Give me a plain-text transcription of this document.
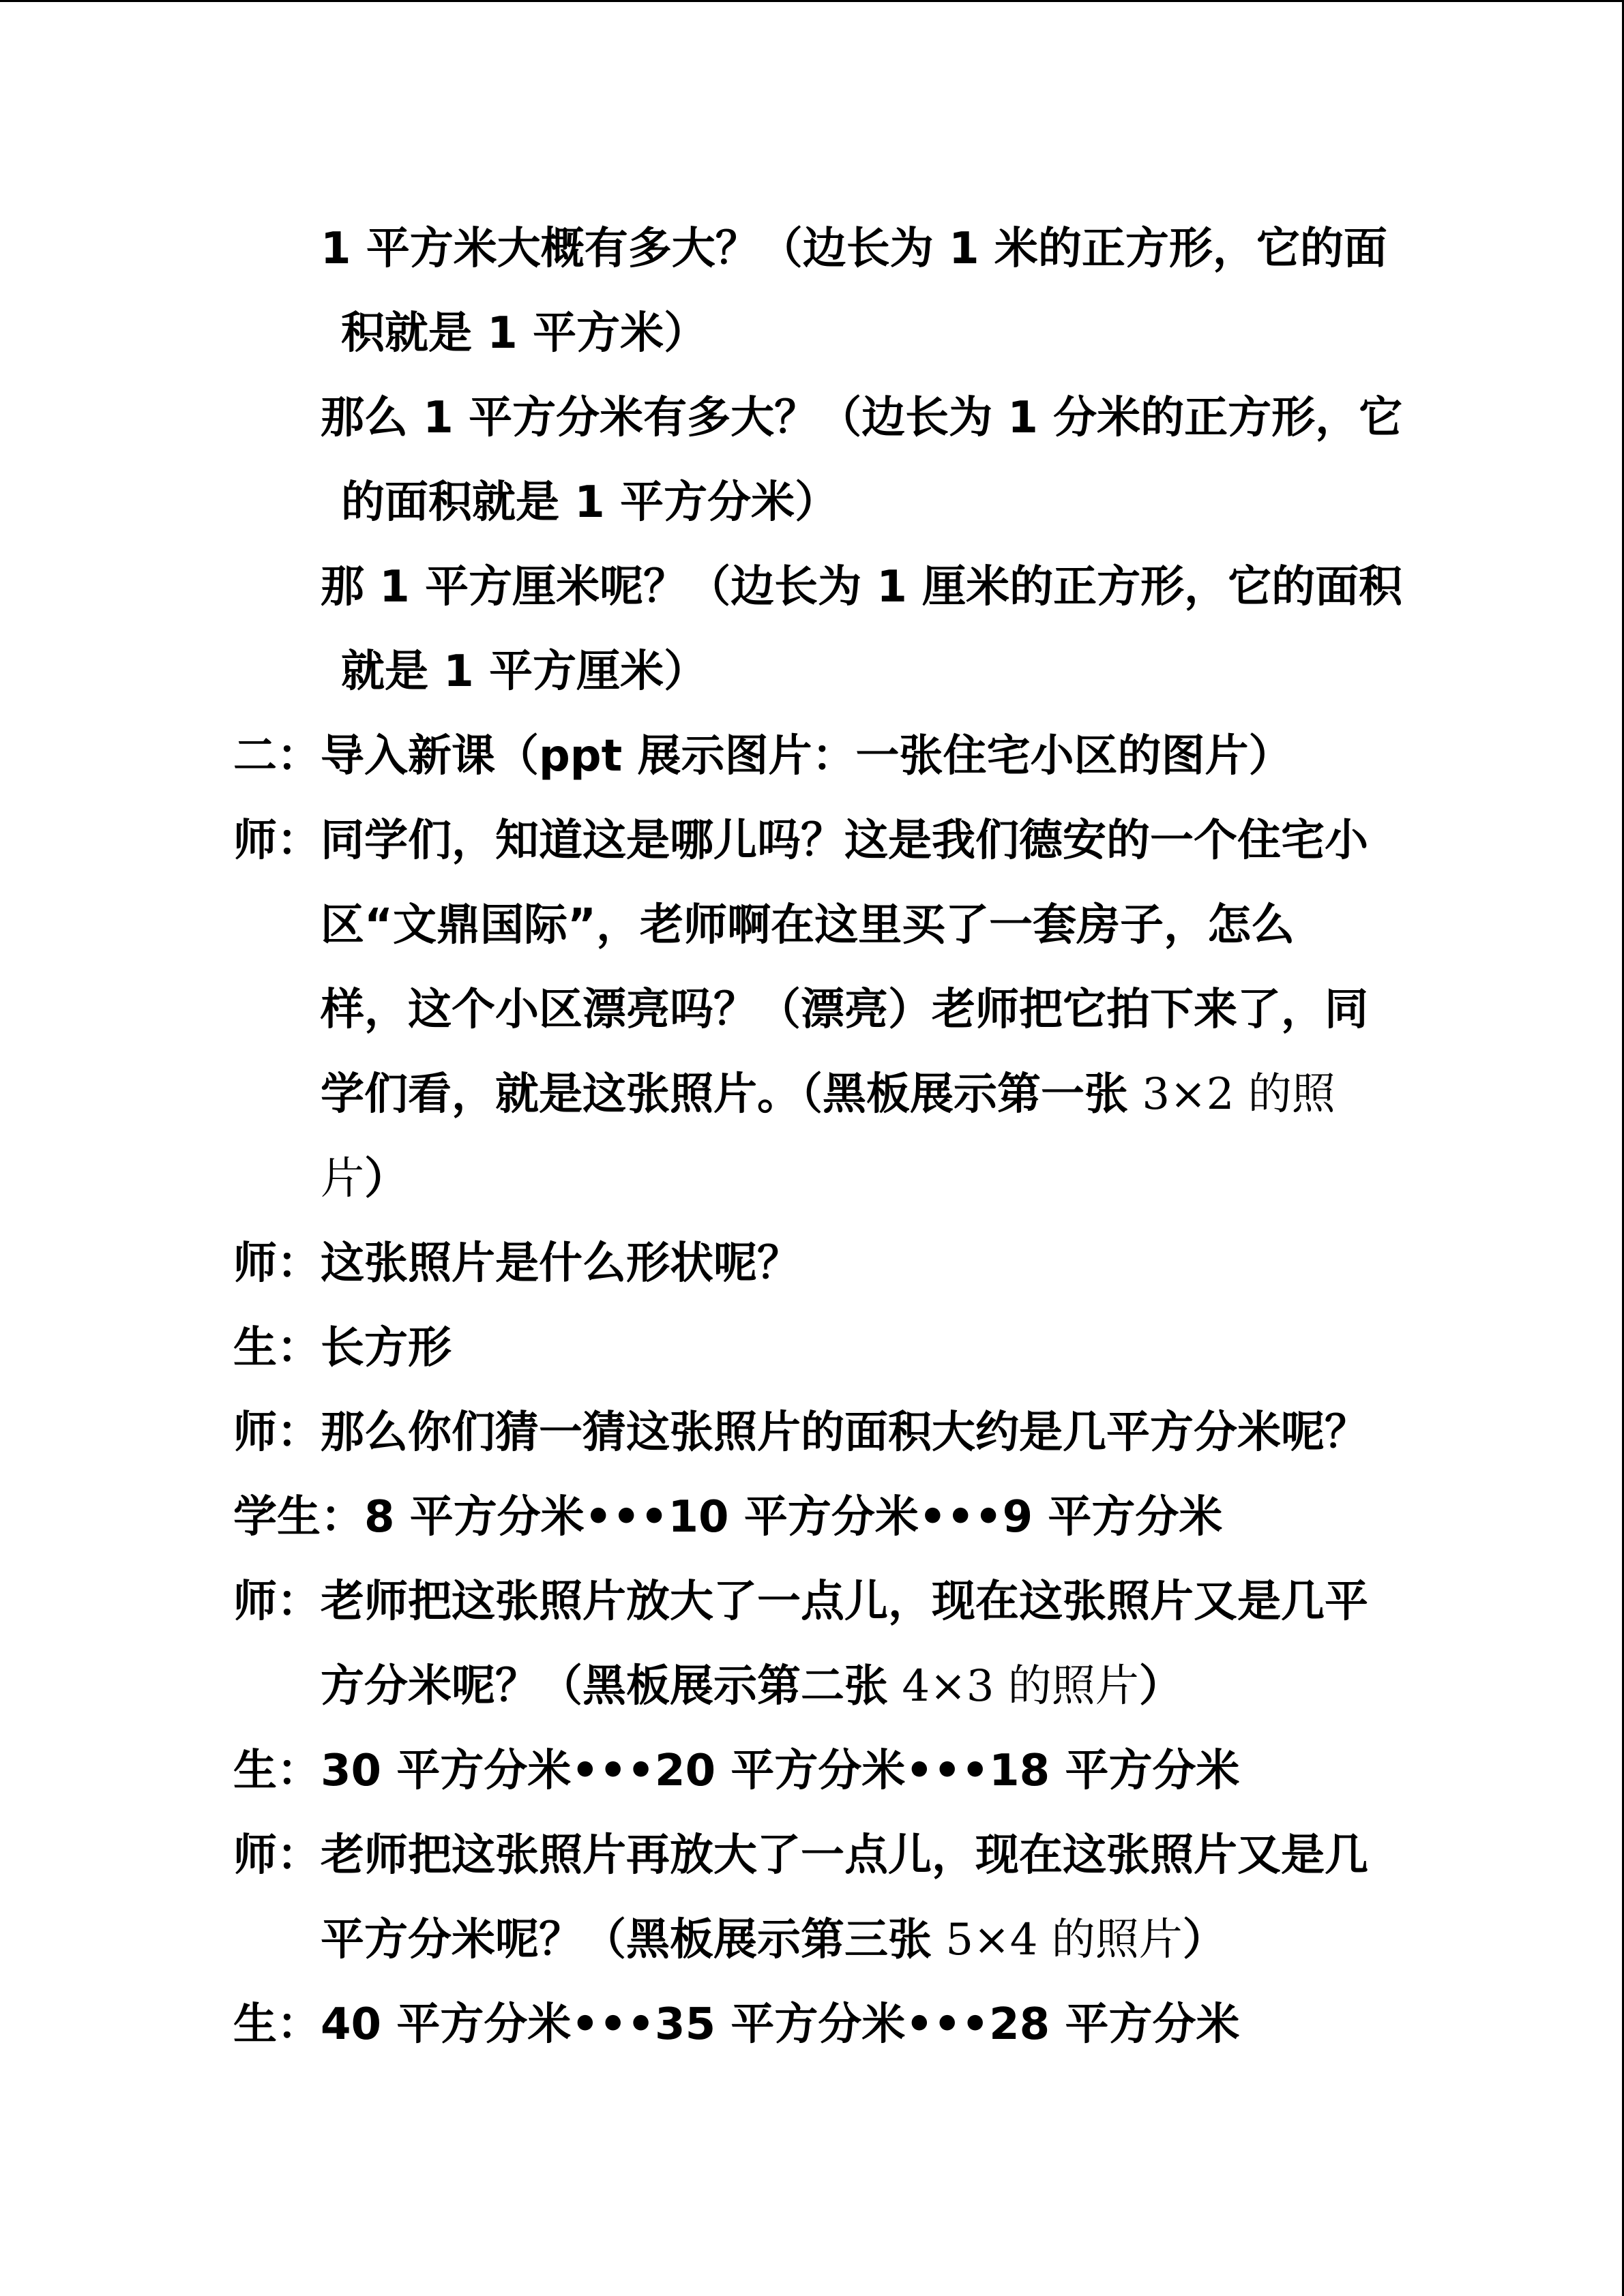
1 平方米大概有多大？（边长为 1 米的正方形，它的面
积就是 1 平方米）

那么 1 平方分米有多大？（边长为 1 分米的正方形，它
的面积就是 1 平方分米）

那 1 平方厘米呢？（边长为 1 厘米的正方形，它的面积
就是 1 平方厘米）

二：导入新课（ppt 展示图片：一张住宅小区的图片）

师：同学们，知道这是哪儿吗？这是我们德安的一个住宅小
区“文鼎国际”，老师啊在这里买了一套房子，怎么
样，这个小区漂亮吗？（漂亮）老师把它拍下来了，同
学们看，就是这张照片。（黑板展示第一张 3×2 的照
片）

师：这张照片是什么形状呢？

生：长方形

师：那么你们猜一猜这张照片的面积大约是几平方分米呢？

学生：8 平方分米•••10 平方分米•••9 平方分米

师：老师把这张照片放大了一点儿，现在这张照片又是几平
方分米呢？（黑板展示第二张 4×3 的照片）

生：30 平方分米•••20 平方分米•••18 平方分米

师：老师把这张照片再放大了一点儿，现在这张照片又是几
平方分米呢？（黑板展示第三张 5×4 的照片）

生：40 平方分米•••35 平方分米•••28 平方分米
